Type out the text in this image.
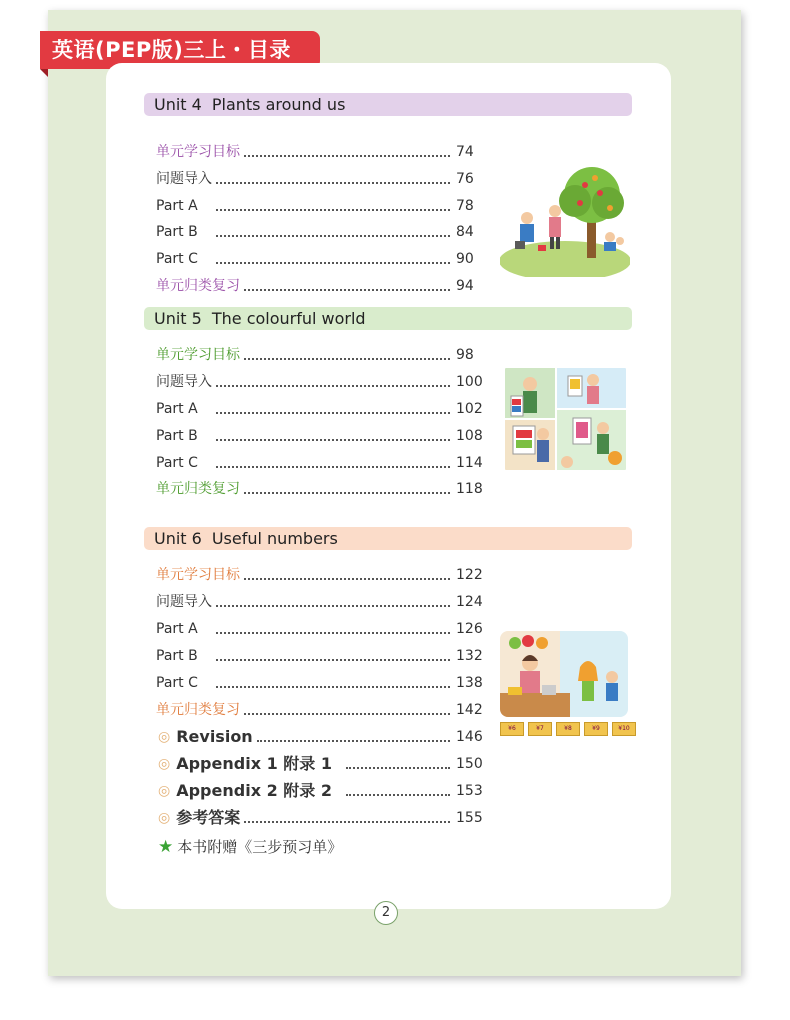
英语(PEP版)三上・目录
Unit 4 Plants around us
单元学习目标	74
问题导入	76
Part A	78
Part B	84
Part C	90
单元归类复习	94
Unit 5 The colourful world
单元学习目标	98
问题导入	100
Part A	102
Part B	108
Part C	114
单元归类复习	118
Unit 6 Useful numbers
单元学习目标	122
问题导入	124
Part A	126
Part B	132
Part C	138
单元归类复习	142
¥6	¥7	¥8	¥9	¥10
◎ Revision	146
◎ Appendix 1 附录 1	150
◎ Appendix 2 附录 2	153
◎ 参考答案	155
★ 本书附赠《三步预习单》
2
